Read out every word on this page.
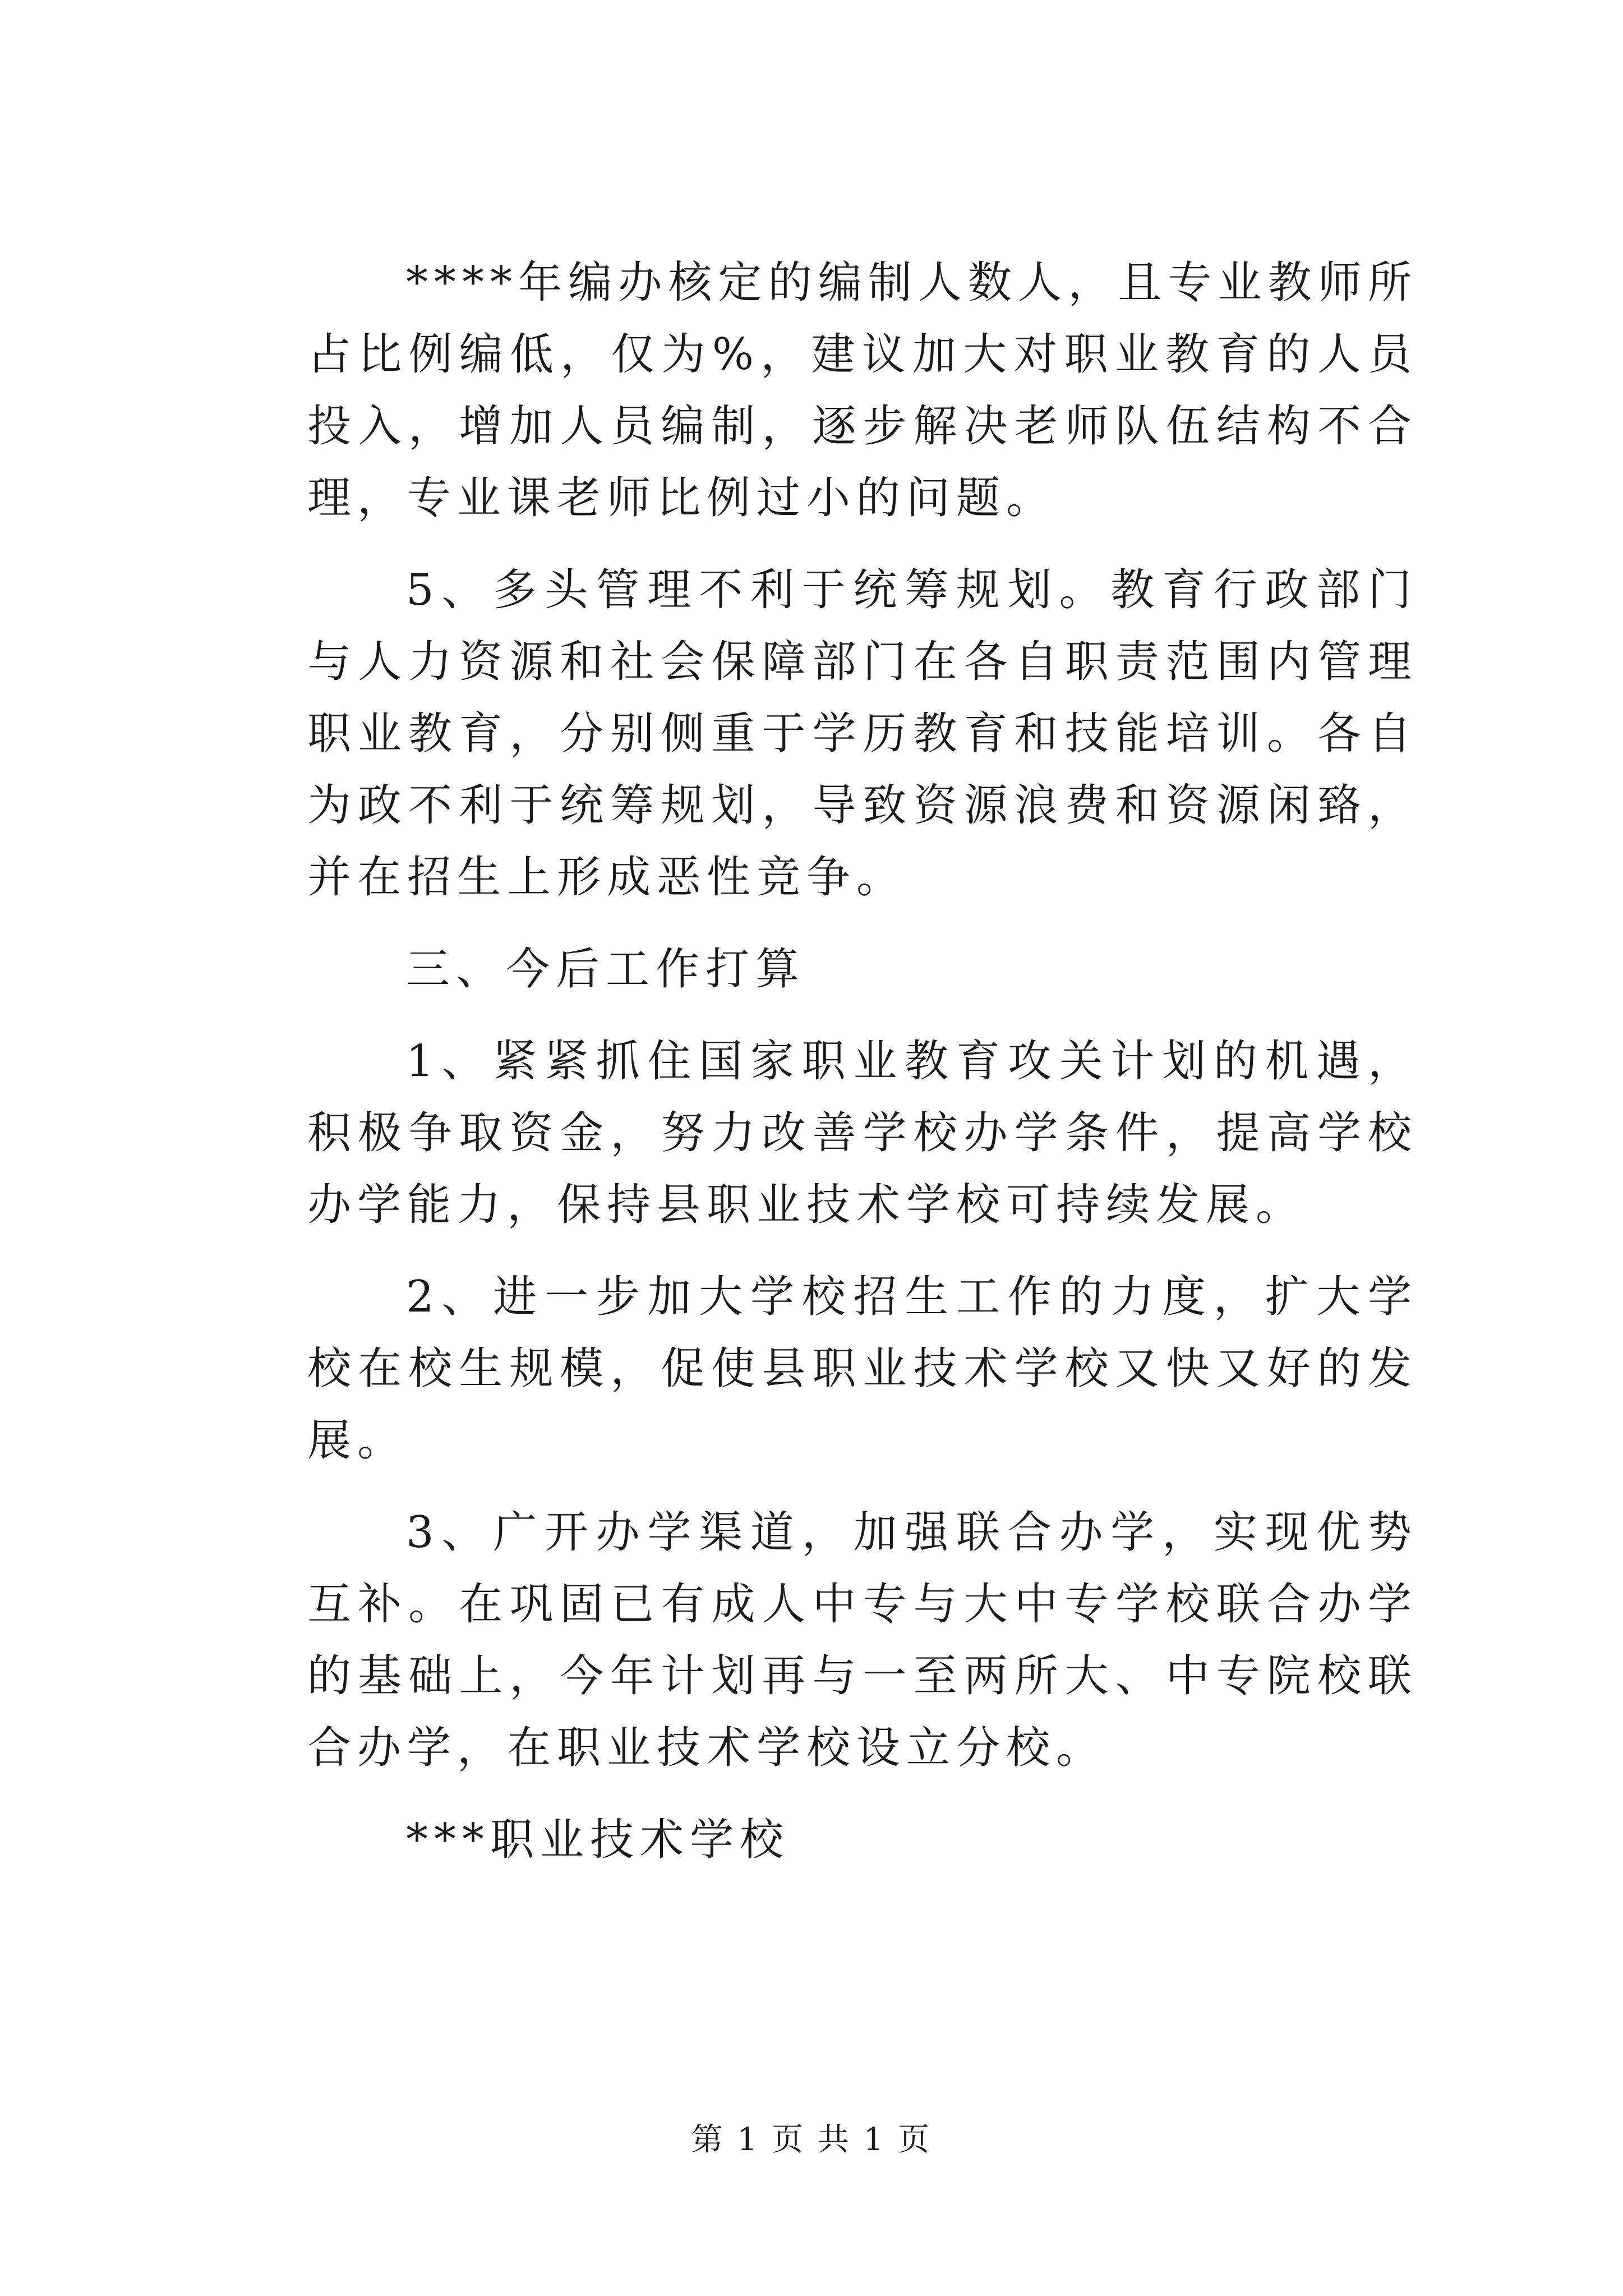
****年编办核定的编制人数人，且专业教师所占比例编低，仅为%，建议加大对职业教育的人员投入，增加人员编制，逐步解决老师队伍结构不合理，专业课老师比例过小的问题。

5、多头管理不利于统筹规划。教育行政部门与人力资源和社会保障部门在各自职责范围内管理职业教育，分别侧重于学历教育和技能培训。各自为政不利于统筹规划，导致资源浪费和资源闲臵，并在招生上形成恶性竞争。

三、今后工作打算

1、紧紧抓住国家职业教育攻关计划的机遇，积极争取资金，努力改善学校办学条件，提高学校办学能力，保持县职业技术学校可持续发展。

2、进一步加大学校招生工作的力度，扩大学校在校生规模，促使县职业技术学校又快又好的发展。

3、广开办学渠道，加强联合办学，实现优势互补。在巩固已有成人中专与大中专学校联合办学的基础上，今年计划再与一至两所大、中专院校联合办学，在职业技术学校设立分校。

***职业技术学校

第 1 页 共 1 页
